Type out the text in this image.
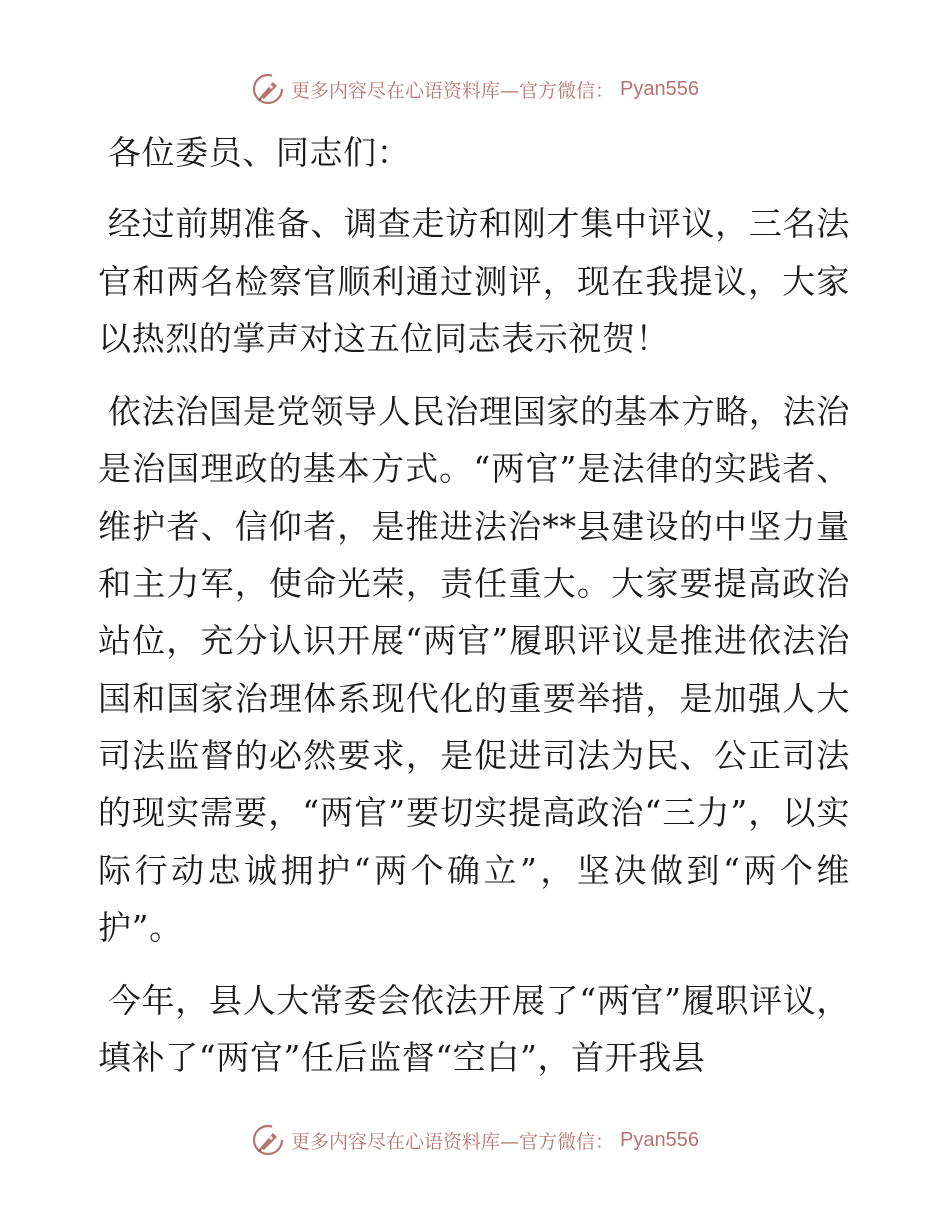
更多内容尽在心语资料库—官方微信： Pyan556

各位委员、同志们：

经过前期准备、调查走访和刚才集中评议，三名法官和两名检察官顺利通过测评，现在我提议，大家以热烈的掌声对这五位同志表示祝贺！

依法治国是党领导人民治理国家的基本方略，法治是治国理政的基本方式。“两官”是法律的实践者、维护者、信仰者，是推进法治**县建设的中坚力量和主力军，使命光荣，责任重大。大家要提高政治站位，充分认识开展“两官”履职评议是推进依法治国和国家治理体系现代化的重要举措，是加强人大司法监督的必然要求，是促进司法为民、公正司法的现实需要，“两官”要切实提高政治“三力”，以实际行动忠诚拥护“两个确立”，坚决做到“两个维护”。

今年，县人大常委会依法开展了“两官”履职评议，填补了“两官”任后监督“空白”，首开我县

更多内容尽在心语资料库—官方微信： Pyan556
